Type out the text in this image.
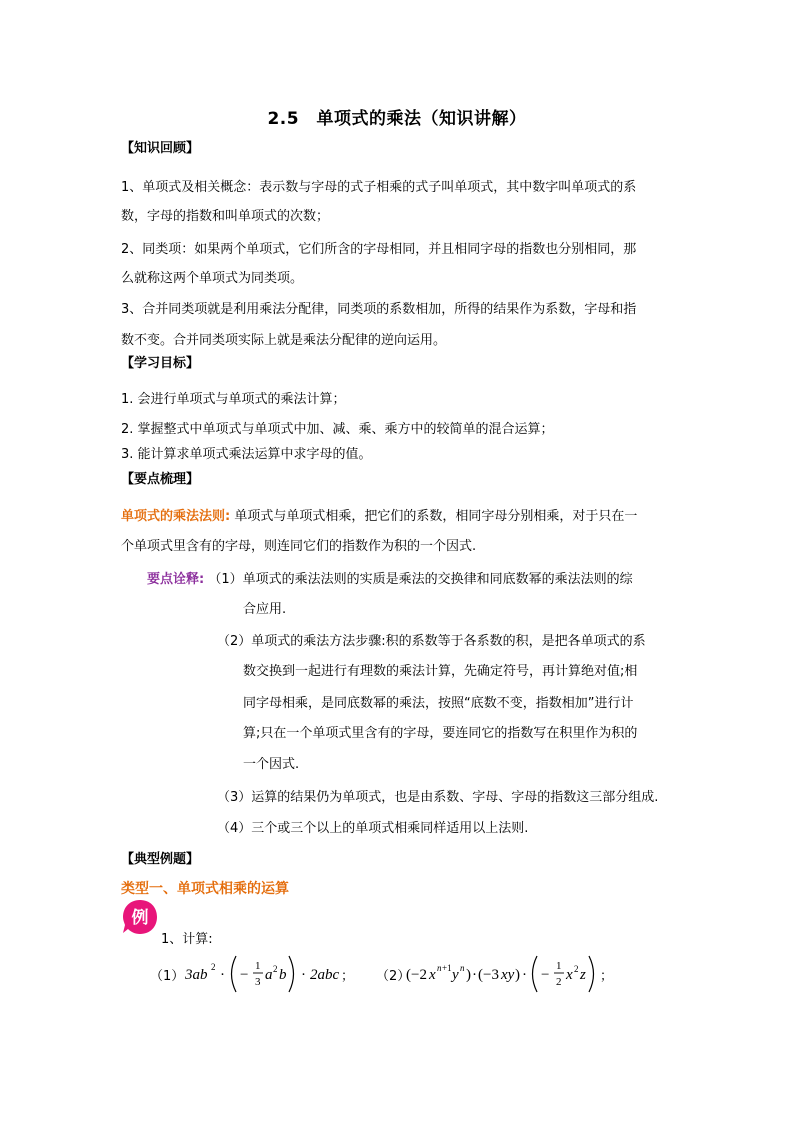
2.5　单项式的乘法（知识讲解）
【知识回顾】
1、单项式及相关概念：表示数与字母的式子相乘的式子叫单项式，其中数字叫单项式的系
数，字母的指数和叫单项式的次数；
2、同类项：如果两个单项式，它们所含的字母相同，并且相同字母的指数也分别相同，那
么就称这两个单项式为同类项。
3、合并同类项就是利用乘法分配律，同类项的系数相加，所得的结果作为系数，字母和指
数不变。合并同类项实际上就是乘法分配律的逆向运用。
【学习目标】
1. 会进行单项式与单项式的乘法计算；
2. 掌握整式中单项式与单项式中加、减、乘、乘方中的较简单的混合运算；
3. 能计算求单项式乘法运算中求字母的值。
【要点梳理】
单项式的乘法法则: 单项式与单项式相乘，把它们的系数，相同字母分别相乘，对于只在一
个单项式里含有的字母，则连同它们的指数作为积的一个因式.
要点诠释: （1）单项式的乘法法则的实质是乘法的交换律和同底数幂的乘法法则的综
合应用.
（2）单项式的乘法方法步骤:积的系数等于各系数的积，是把各单项式的系
数交换到一起进行有理数的乘法计算，先确定符号，再计算绝对值;相
同字母相乘，是同底数幂的乘法，按照“底数不变，指数相加”进行计
算;只在一个单项式里含有的字母，要连同它的指数写在积里作为积的
一个因式.
（3）运算的结果仍为单项式，也是由系数、字母、字母的指数这三部分组成.
（4）三个或三个以上的单项式相乘同样适用以上法则.
【典型例题】
类型一、单项式相乘的运算
例
1、计算:
（1） 3ab 2 · −
1
3 a 2 b · 2abc ； （2）
(−2 x n +1 y n ) · (−3 xy ) · −
1
2 x 2 z ；
